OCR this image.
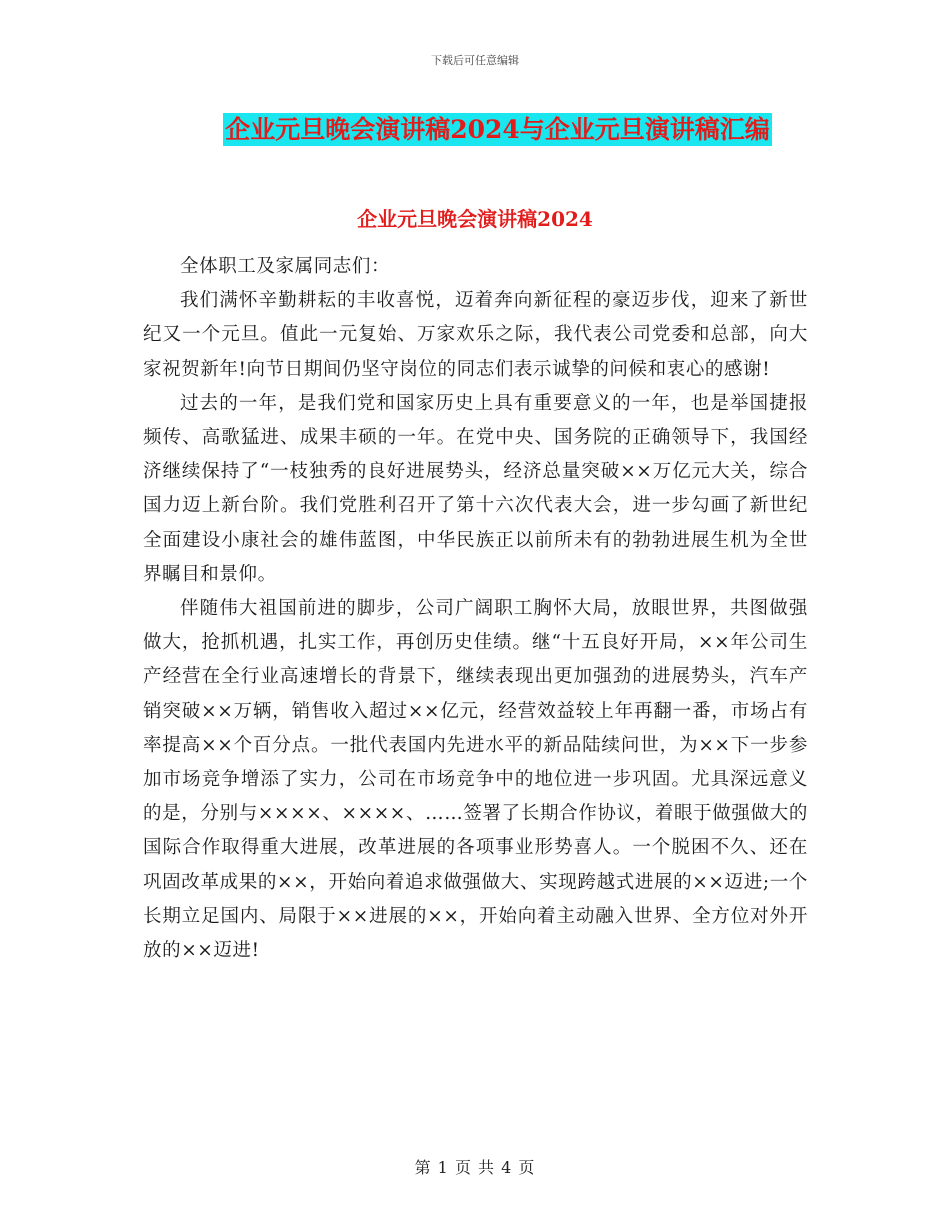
下载后可任意编辑
企业元旦晚会演讲稿2024与企业元旦演讲稿汇编
企业元旦晚会演讲稿2024

全体职工及家属同志们：

我们满怀辛勤耕耘的丰收喜悦，迈着奔向新征程的豪迈步伐，迎来了新世纪又一个元旦。值此一元复始、万家欢乐之际，我代表公司党委和总部，向大家祝贺新年!向节日期间仍坚守岗位的同志们表示诚挚的问候和衷心的感谢!

过去的一年，是我们党和国家历史上具有重要意义的一年，也是举国捷报频传、高歌猛进、成果丰硕的一年。在党中央、国务院的正确领导下，我国经济继续保持了“一枝独秀的良好进展势头，经济总量突破××万亿元大关，综合国力迈上新台阶。我们党胜利召开了第十六次代表大会，进一步勾画了新世纪全面建设小康社会的雄伟蓝图，中华民族正以前所未有的勃勃进展生机为全世界瞩目和景仰。

伴随伟大祖国前进的脚步，公司广阔职工胸怀大局，放眼世界，共图做强做大，抢抓机遇，扎实工作，再创历史佳绩。继“十五良好开局，××年公司生产经营在全行业高速增长的背景下，继续表现出更加强劲的进展势头，汽车产销突破××万辆，销售收入超过××亿元，经营效益较上年再翻一番，市场占有率提高××个百分点。一批代表国内先进水平的新品陆续问世，为××下一步参加市场竞争增添了实力，公司在市场竞争中的地位进一步巩固。尤具深远意义的是，分别与××××、××××、……签署了长期合作协议，着眼于做强做大的国际合作取得重大进展，改革进展的各项事业形势喜人。一个脱困不久、还在巩固改革成果的××，开始向着追求做强做大、实现跨越式进展的××迈进;一个长期立足国内、局限于××进展的××，开始向着主动融入世界、全方位对外开放的××迈进!

第 1 页 共 4 页
